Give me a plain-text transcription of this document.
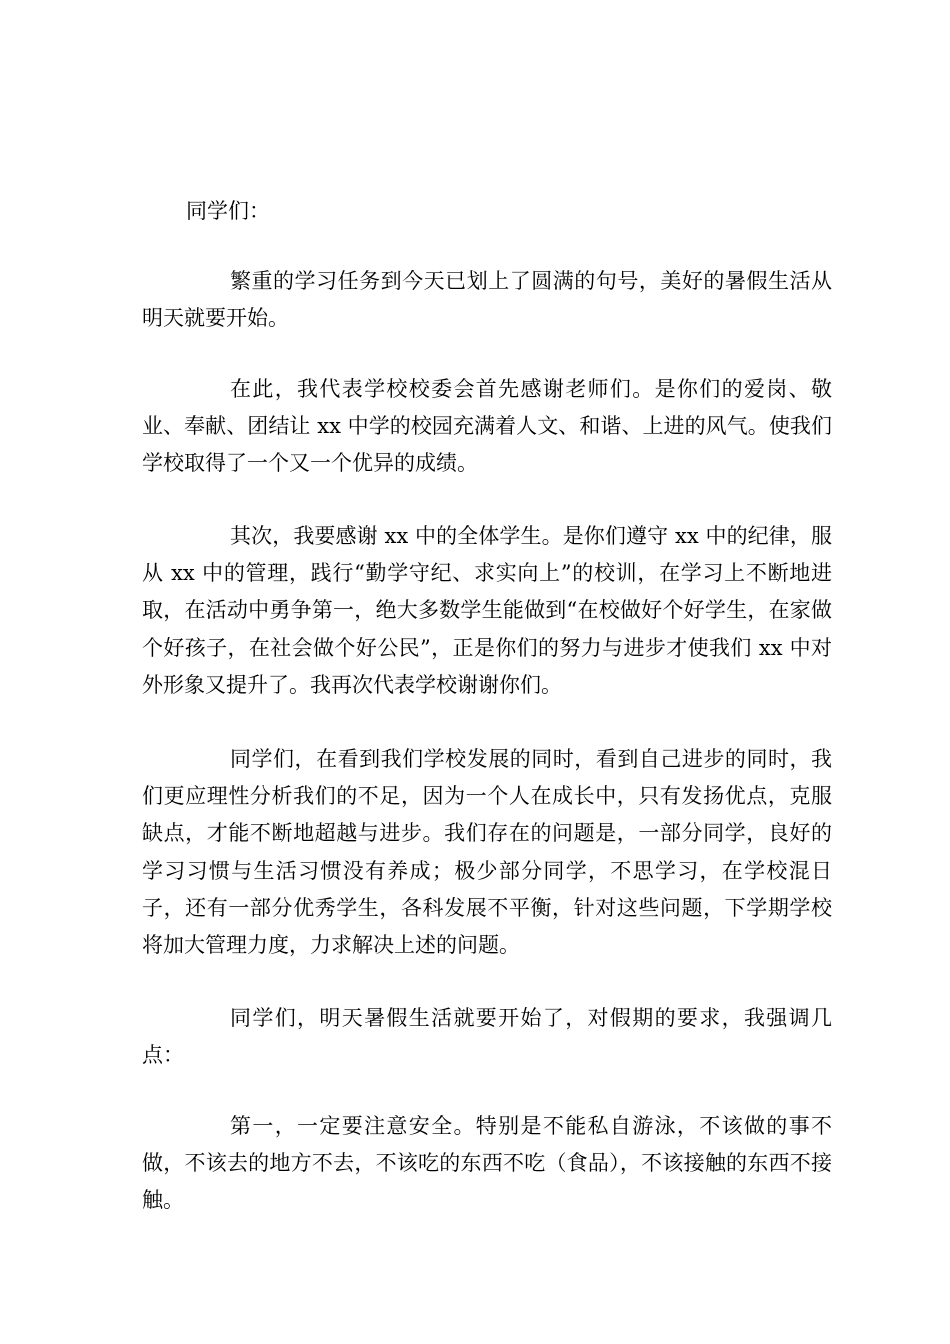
同学们：

繁重的学习任务到今天已划上了圆满的句号，美好的暑假生活从明天就要开始。

在此，我代表学校校委会首先感谢老师们。是你们的爱岗、敬业、奉献、团结让 xx 中学的校园充满着人文、和谐、上进的风气。使我们学校取得了一个又一个优异的成绩。

其次，我要感谢 xx 中的全体学生。是你们遵守 xx 中的纪律，服从 xx 中的管理，践行“勤学守纪、求实向上”的校训，在学习上不断地进取，在活动中勇争第一，绝大多数学生能做到“在校做好个好学生，在家做个好孩子，在社会做个好公民”，正是你们的努力与进步才使我们 xx 中对外形象又提升了。我再次代表学校谢谢你们。

同学们，在看到我们学校发展的同时，看到自己进步的同时，我们更应理性分析我们的不足，因为一个人在成长中，只有发扬优点，克服缺点，才能不断地超越与进步。我们存在的问题是，一部分同学，良好的学习习惯与生活习惯没有养成；极少部分同学，不思学习，在学校混日子，还有一部分优秀学生，各科发展不平衡，针对这些问题，下学期学校将加大管理力度，力求解决上述的问题。

同学们，明天暑假生活就要开始了，对假期的要求，我强调几点：

第一，一定要注意安全。特别是不能私自游泳，不该做的事不做，不该去的地方不去，不该吃的东西不吃（食品），不该接触的东西不接触。
